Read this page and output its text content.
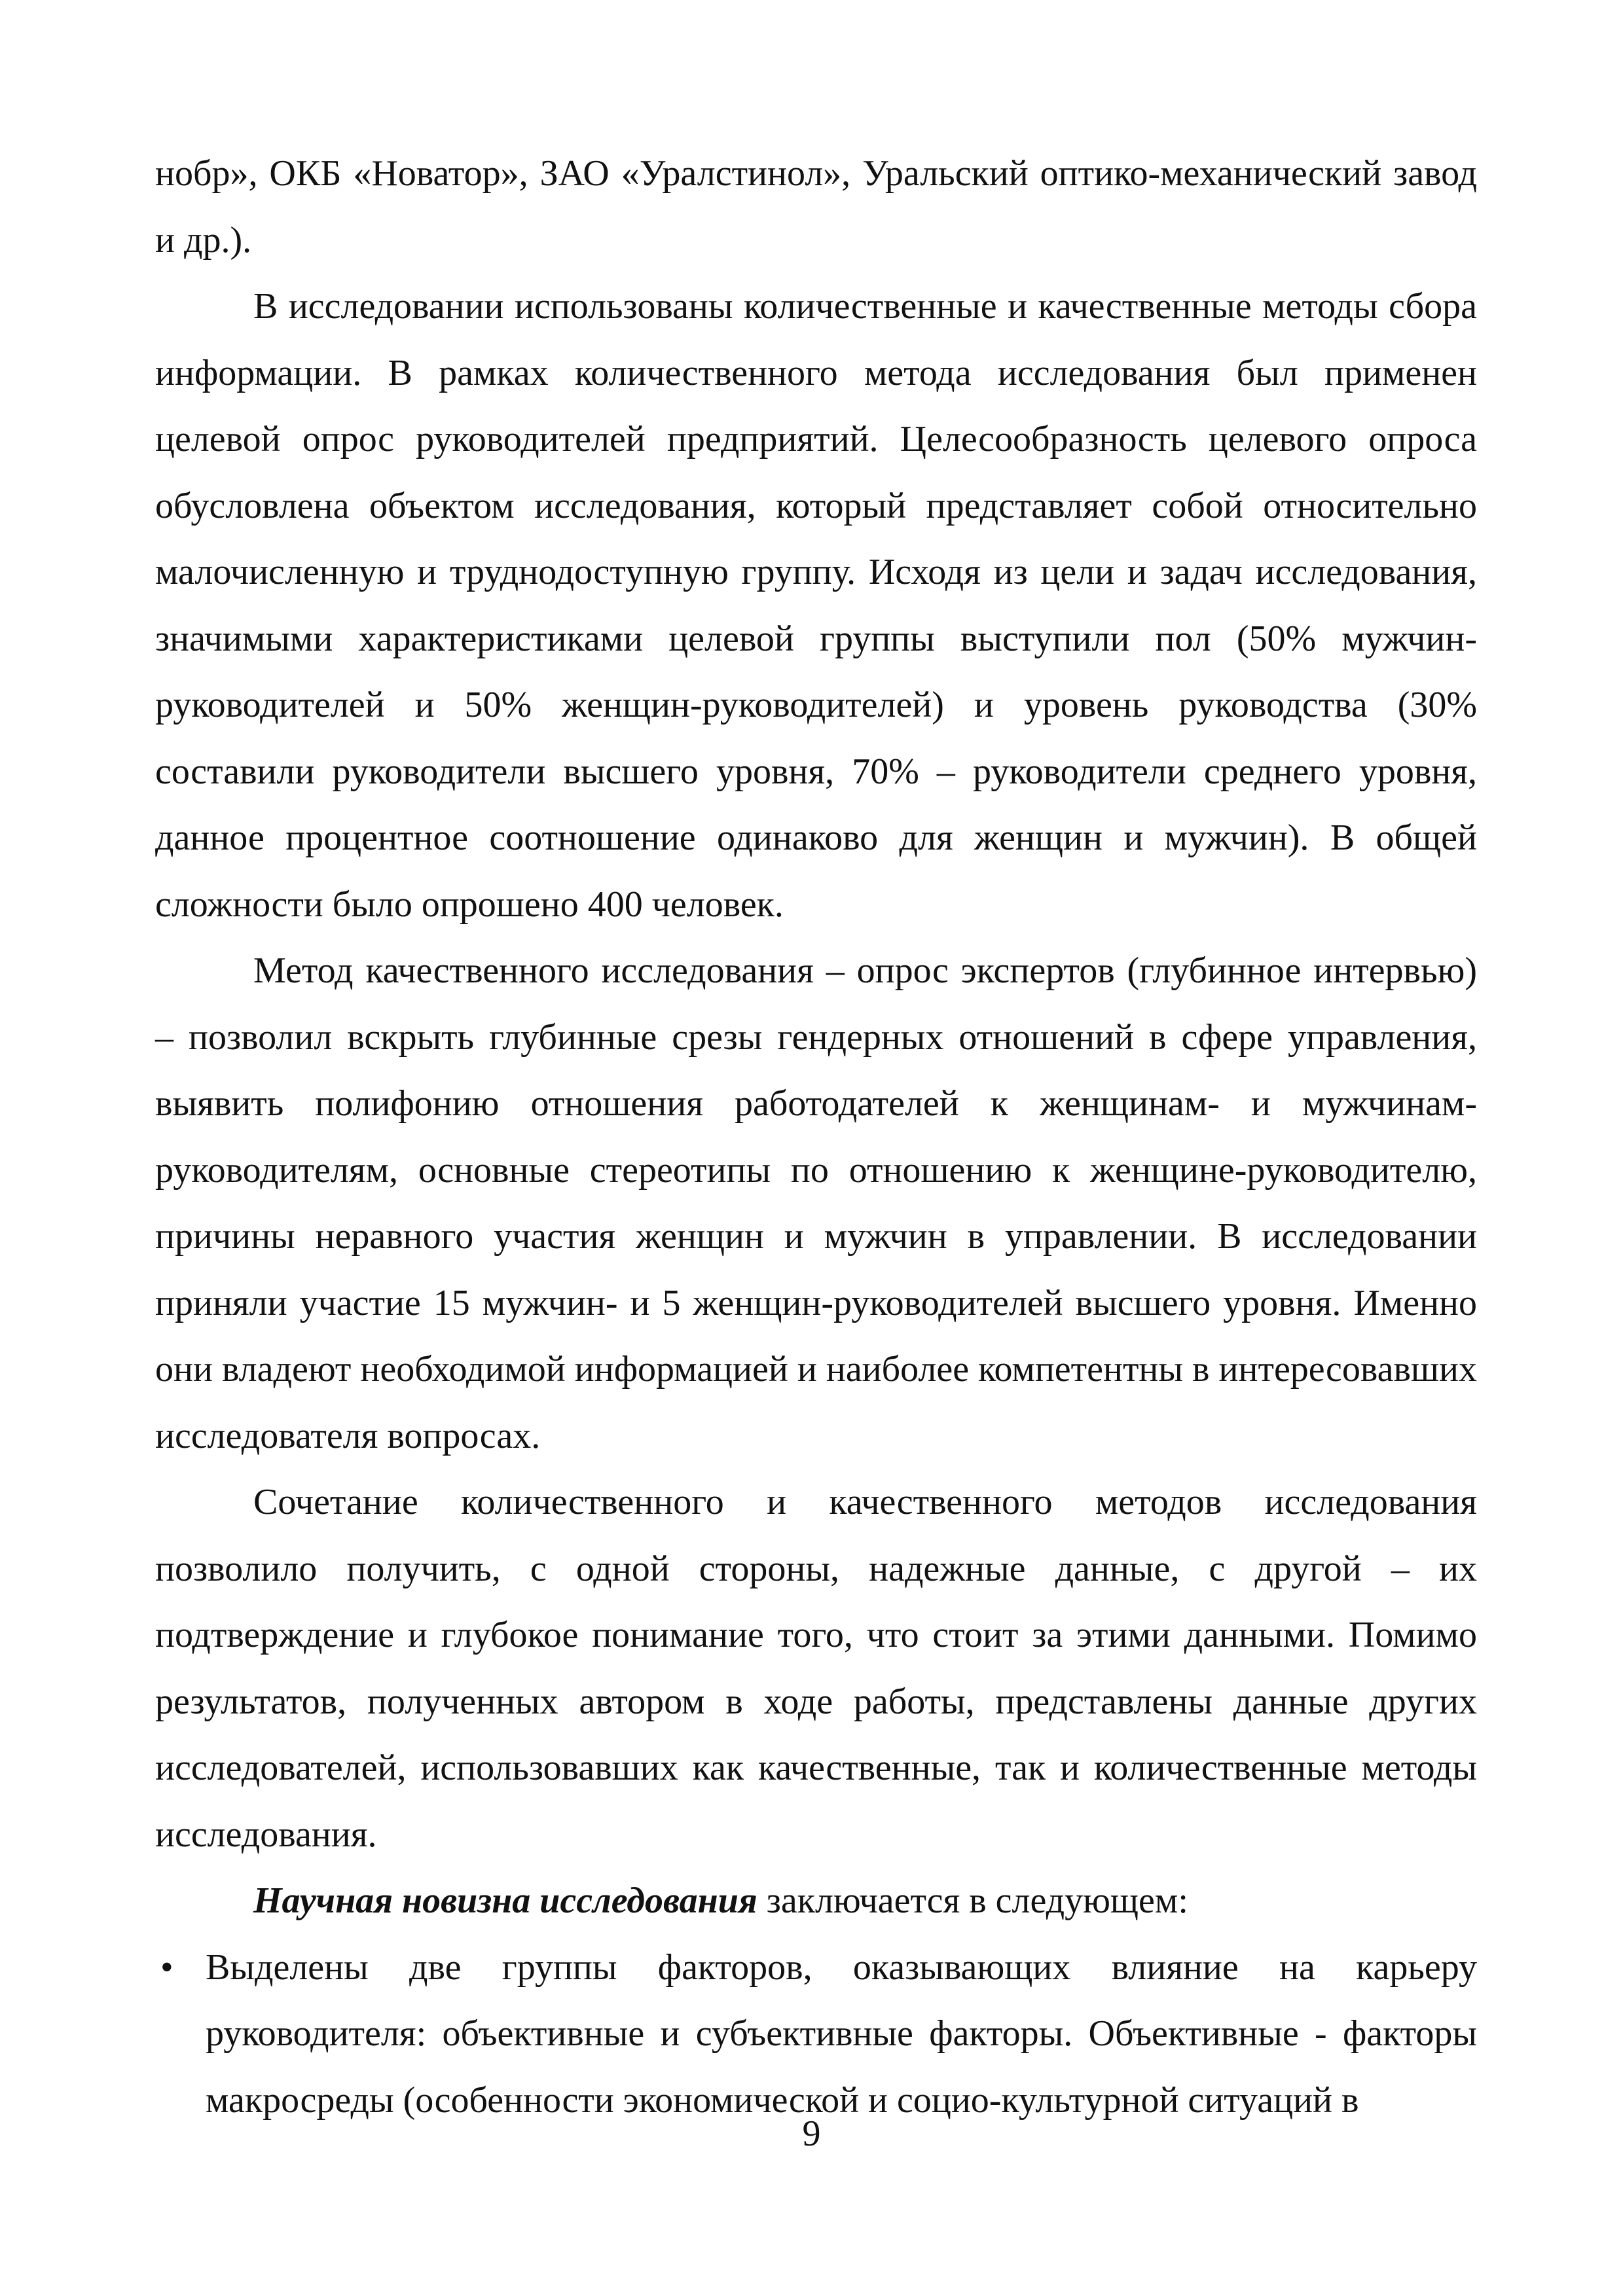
нобр», ОКБ «Новатор», ЗАО «Уралстинол», Уральский оптико-механический завод и др.).

В исследовании использованы количественные и качественные методы сбора информации. В рамках количественного метода исследования был применен целевой опрос руководителей предприятий. Целесообразность целевого опроса обусловлена объектом исследования, который представляет собой относительно малочисленную и труднодоступную группу. Исходя из цели и задач исследования, значимыми характеристиками целевой группы выступили пол (50% мужчин-руководителей и 50% женщин-руководителей) и уровень руководства (30% составили руководители высшего уровня, 70% – руководители среднего уровня, данное процентное соотношение одинаково для женщин и мужчин). В общей сложности было опрошено 400 человек.

Метод качественного исследования – опрос экспертов (глубинное интервью) – позволил вскрыть глубинные срезы гендерных отношений в сфере управления, выявить полифонию отношения работодателей к женщинам- и мужчинам-руководителям, основные стереотипы по отношению к женщине-руководителю, причины неравного участия женщин и мужчин в управлении. В исследовании приняли участие 15 мужчин- и 5 женщин-руководителей высшего уровня. Именно они владеют необходимой информацией и наиболее компетентны в интересовавших исследователя вопросах.

Сочетание количественного и качественного методов исследования позволило получить, с одной стороны, надежные данные, с другой – их подтверждение и глубокое понимание того, что стоит за этими данными. Помимо результатов, полученных автором в ходе работы, представлены данные других исследователей, использовавших как качественные, так и количественные методы исследования.

Научная новизна исследования заключается в следующем:

• Выделены две группы факторов, оказывающих влияние на карьеру руководителя: объективные и субъективные факторы. Объективные - факторы макросреды (особенности экономической и социо-культурной ситуаций в
9
